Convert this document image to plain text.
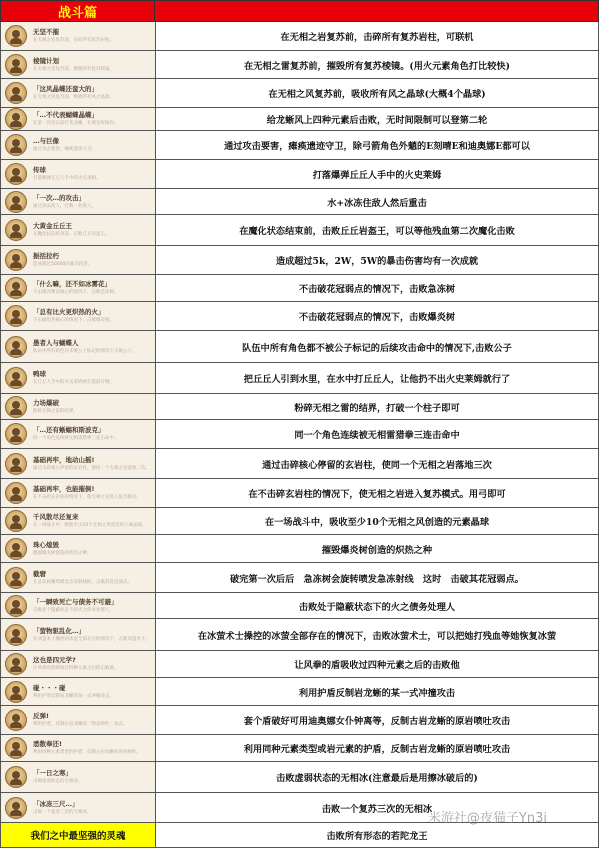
战斗篇
无坚不摧
在无相之岩复苏前，击碎所有复苏岩柱。	在无相之岩复苏前，击碎所有复苏岩柱，可联机
棱镜计划
在无相之雷复苏前，摧毁所有复苏棱镜。	在无相之雷复苏前，摧毁所有复苏棱镜。(用火元素角色打比较快)
「这风晶蝶还蛮大的」
在无相之风复苏前，吸收所有风之晶球。	在无相之风复苏前，吸收所有风之晶球(大概4个晶球)
「…不代表蝴蝶晶蝶」
在第一次攻击前打死龙蜥，在规定时间内。	给龙蜥风上四种元素后击败，无时间限制可以登第二轮
…与巨像
通过攻击要害，瘫痪遗迹守卫。	通过攻击要害，瘫痪遗迹守卫，除弓箭角色外魈的E刻晴E和迪奥娜E都可以
传球
打落爆弹丘丘人手中的火史莱姆。	打落爆弹丘丘人手中的火史莱姆
「一次…的攻击」
通过冰冻敌人，打败一名敌人。	水+冰冻住敌人然后重击
大黄金丘丘王
在魔化状态结束前，击败丘丘岩盔王。	在魔化状态结束前，击败丘丘岩盔王，可以等他残血第二次魔化击败
振括拉朽
造成超过50000的暴击伤害。	造成超过5k，2W，5W的暴击伤害均有一次成就
「什么嘛，还不如冰雾花」
不击破冰雾花核心的情况下，击败急冻树。	不击破花冠弱点的情况下，击败急冻树
「总有比火更炽热的火」
不击破炽热核心的情况下，击败爆炎树。	不击破花冠弱点的情况下，击败爆炎树
愚者人与蝴蝶人
队伍中所有角色在未被公子标记的情况下击败公子。	队伍中所有角色都不被公子标记的后续攻击命中的情况下,击败公子
鸭球
在丘丘人手中的火史莱姆被打落前打倒。	把丘丘人引到水里，在水中打丘丘人，让他扔不出火史莱姆就行了
力场爆破
粉碎无相之雷的结界。	粉碎无相之雷的结界，打破一个柱子即可
「…还有蜥蜴和斯波克」
同一个角色连续被无相雷猎拳三连击命中。	同一个角色连续被无相雷猎拳三连击命中
基础再牢，地动山摇!
通过击碎核心停留的玄岩柱，使同一个无相之岩落地三次。	通过击碎核心停留的玄岩柱，使同一个无相之岩落地三次
基础再牢，也能摧倒!
在不击碎玄岩柱的情况下，使无相之岩进入复苏模式。	在不击碎玄岩柱的情况下，使无相之岩进入复苏模式。用弓即可
千风散尽还复来
在一场战斗中，吸收至少10个无相之风创造的元素晶球。	在一场战斗中，吸收至少10个无相之风创造的元素晶球
珠心熄毁
摧毁爆炎树创造的炽热之种。	摧毁爆炎树创造的炽热之种
截窘
在急冻树蓄势喷发急冻射线时，击破其花冠弱点。	破完第一次后后　急冻树会旋转喷发急冻射线　这时　击破其花冠弱点。
「一瞬致死亡与债务不可避」
击败处于隐蔽状态下的火之债务处理人。	击败处于隐蔽状态下的火之债务处理人
「萤物驱乱化…」
在冰萤术士操控的冰萤全部存在的情况下，击败冰萤术士。	在冰萤术士操控的冰萤全部存在的情况下，击败冰萤术士，可以把她打残血等她恢复冰萤
这也是四元学?
让风拳的盾吸收过四种元素之后的击败他。	让风拳的盾吸收过四种元素之后的击败他
碰・・・碰
利用护盾反制岩龙蜥的某一式冲撞攻击。	利用护盾反制岩龙蜥的某一式冲撞攻击
反弹!
利用护盾，反制古岩龙蜥的「熔岩喷吐」攻击。	套个盾破好可用迪奥娜女仆钟离等，反制古岩龙蜥的原岩喷吐攻击
悉数奉还!
利用同种元素类型的护盾，反制古岩龙蜥的原岩喷吐。	利用同种元素类型或岩元素的护盾，反制古岩龙蜥的原岩喷吐攻击
「一日之寒」
击败虚弱状态的无相冰。	击败虚弱状态的无相冰(注意最后是用擦冰破后的)
「冰冻三尺…」
击败一个复苏三次的无相冰。	击败一个复苏三次的无相冰
我们之中最坚强的灵魂	击败所有形态的若陀龙王
米游社@夜猫子Yn3i
